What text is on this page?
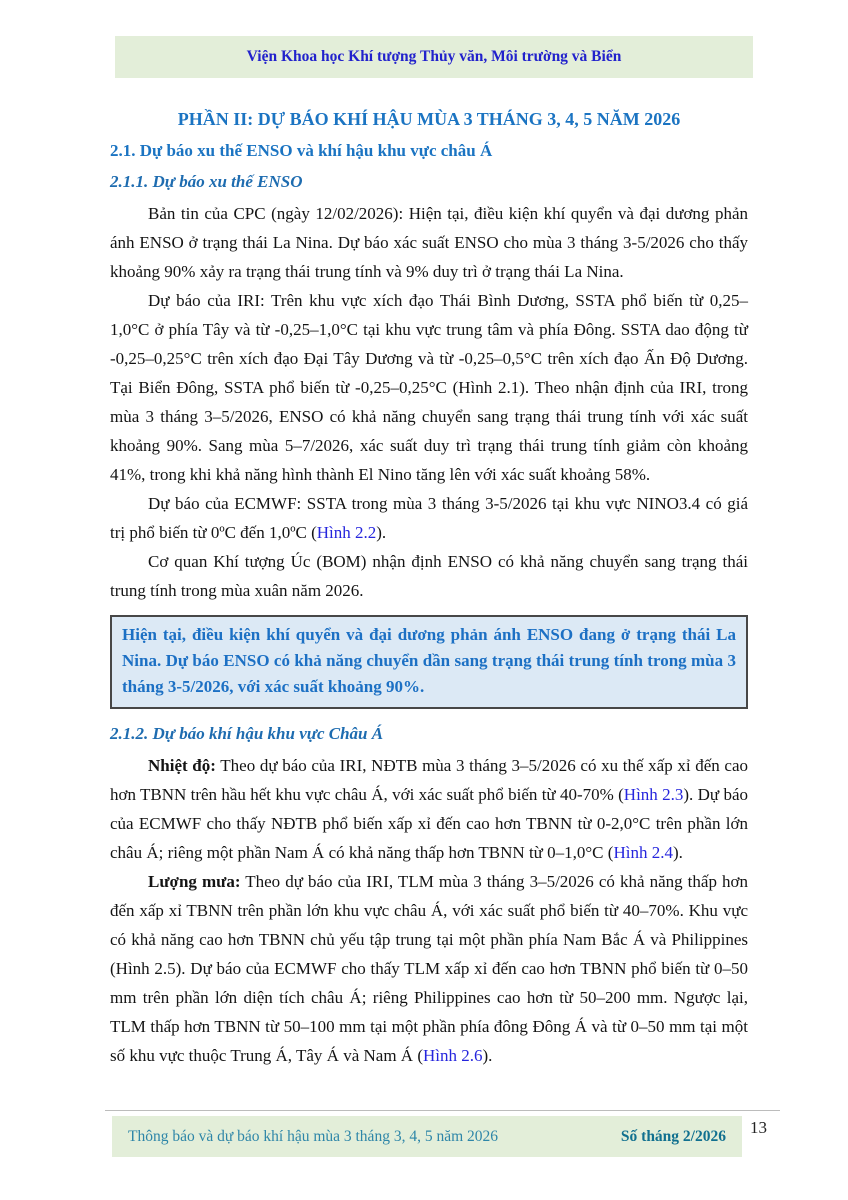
Viện Khoa học Khí tượng Thủy văn, Môi trường và Biển
PHẦN II: DỰ BÁO KHÍ HẬU MÙA 3 THÁNG 3, 4, 5 NĂM 2026
2.1. Dự báo xu thế ENSO và khí hậu khu vực châu Á
2.1.1. Dự báo xu thế ENSO

Bản tin của CPC (ngày 12/02/2026): Hiện tại, điều kiện khí quyển và đại dương phản ánh ENSO ở trạng thái La Nina. Dự báo xác suất ENSO cho mùa 3 tháng 3-5/2026 cho thấy khoảng 90% xảy ra trạng thái trung tính và 9% duy trì ở trạng thái La Nina.

Dự báo của IRI: Trên khu vực xích đạo Thái Bình Dương, SSTA phổ biến từ 0,25–1,0°C ở phía Tây và từ -0,25–1,0°C tại khu vực trung tâm và phía Đông. SSTA dao động từ -0,25–0,25°C trên xích đạo Đại Tây Dương và từ -0,25–0,5°C trên xích đạo Ấn Độ Dương. Tại Biển Đông, SSTA phổ biến từ -0,25–0,25°C (Hình 2.1). Theo nhận định của IRI, trong mùa 3 tháng 3–5/2026, ENSO có khả năng chuyển sang trạng thái trung tính với xác suất khoảng 90%. Sang mùa 5–7/2026, xác suất duy trì trạng thái trung tính giảm còn khoảng 41%, trong khi khả năng hình thành El Nino tăng lên với xác suất khoảng 58%.

Dự báo của ECMWF: SSTA trong mùa 3 tháng 3-5/2026 tại khu vực NINO3.4 có giá trị phổ biến từ 0ºC đến 1,0ºC (Hình 2.2).

Cơ quan Khí tượng Úc (BOM) nhận định ENSO có khả năng chuyển sang trạng thái trung tính trong mùa xuân năm 2026.

Hiện tại, điều kiện khí quyển và đại dương phản ánh ENSO đang ở trạng thái La Nina. Dự báo ENSO có khả năng chuyển dần sang trạng thái trung tính trong mùa 3 tháng 3-5/2026, với xác suất khoảng 90%.
2.1.2. Dự báo khí hậu khu vực Châu Á

Nhiệt độ: Theo dự báo của IRI, NĐTB mùa 3 tháng 3–5/2026 có xu thế xấp xỉ đến cao hơn TBNN trên hầu hết khu vực châu Á, với xác suất phổ biến từ 40-70% (Hình 2.3). Dự báo của ECMWF cho thấy NĐTB phổ biến xấp xỉ đến cao hơn TBNN từ 0-2,0°C trên phần lớn châu Á; riêng một phần Nam Á có khả năng thấp hơn TBNN từ 0–1,0°C (Hình 2.4).

Lượng mưa: Theo dự báo của IRI, TLM mùa 3 tháng 3–5/2026 có khả năng thấp hơn đến xấp xỉ TBNN trên phần lớn khu vực châu Á, với xác suất phổ biến từ 40–70%. Khu vực có khả năng cao hơn TBNN chủ yếu tập trung tại một phần phía Nam Bắc Á và Philippines (Hình 2.5). Dự báo của ECMWF cho thấy TLM xấp xỉ đến cao hơn TBNN phổ biến từ 0–50 mm trên phần lớn diện tích châu Á; riêng Philippines cao hơn từ 50–200 mm. Ngược lại, TLM thấp hơn TBNN từ 50–100 mm tại một phần phía đông Đông Á và từ 0–50 mm tại một số khu vực thuộc Trung Á, Tây Á và Nam Á (Hình 2.6).

Thông báo và dự báo khí hậu mùa 3 tháng 3, 4, 5 năm 2026	Số tháng 2/2026 13
